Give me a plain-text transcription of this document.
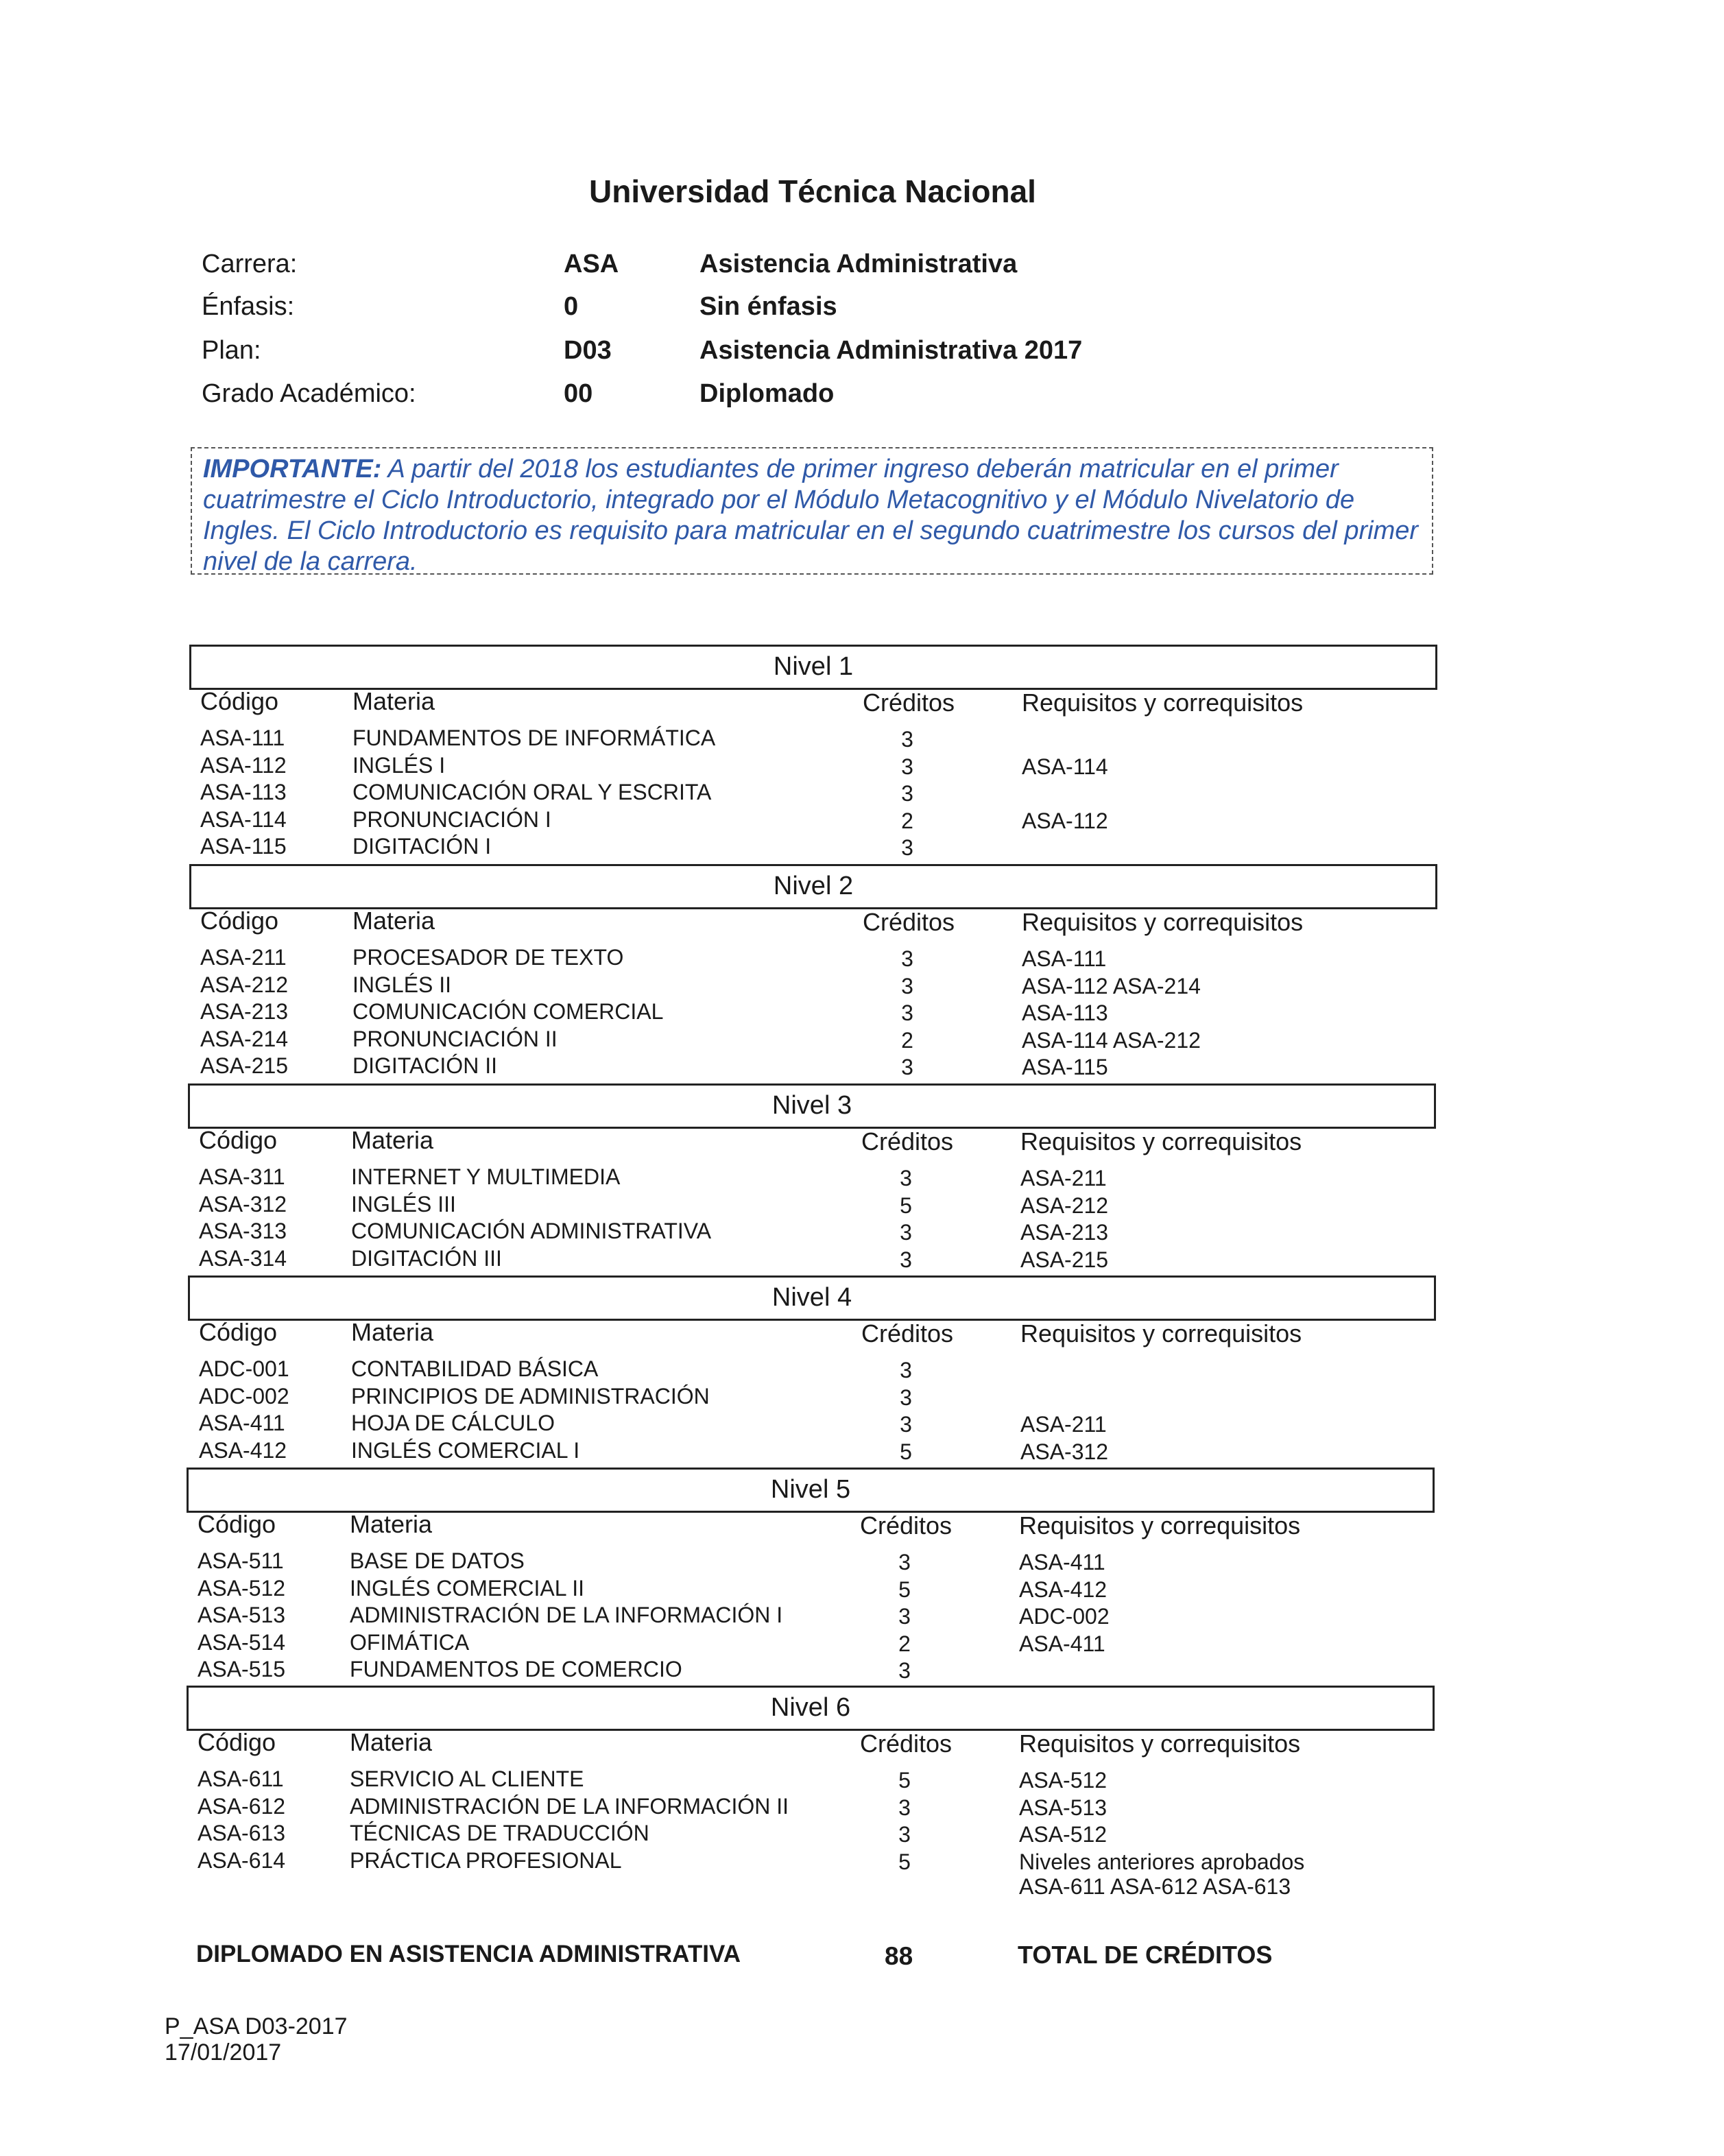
Universidad Técnica Nacional
Carrera:	ASA	Asistencia Administrativa
Énfasis:	0	Sin énfasis
Plan:	D03	Asistencia Administrativa 2017
Grado Académico:	00	Diplomado
IMPORTANTE: A partir del 2018 los estudiantes de primer ingreso deberán matricular en el primer cuatrimestre el Ciclo Introductorio, integrado por el Módulo Metacognitivo y el Módulo Nivelatorio de Ingles. El Ciclo Introductorio es requisito para matricular en el segundo cuatrimestre los cursos del primer nivel de la carrera.
Nivel 1
Código	Materia	Créditos	Requisitos y correquisitos
ASA-111	FUNDAMENTOS DE INFORMÁTICA	3
ASA-112	INGLÉS I	3	ASA-114
ASA-113	COMUNICACIÓN ORAL Y ESCRITA	3
ASA-114	PRONUNCIACIÓN I	2	ASA-112
ASA-115	DIGITACIÓN I	3
Nivel 2
Código	Materia	Créditos	Requisitos y correquisitos
ASA-211	PROCESADOR DE TEXTO	3	ASA-111
ASA-212	INGLÉS II	3	ASA-112 ASA-214
ASA-213	COMUNICACIÓN COMERCIAL	3	ASA-113
ASA-214	PRONUNCIACIÓN II	2	ASA-114 ASA-212
ASA-215	DIGITACIÓN II	3	ASA-115
Nivel 3
Código	Materia	Créditos	Requisitos y correquisitos
ASA-311	INTERNET Y MULTIMEDIA	3	ASA-211
ASA-312	INGLÉS III	5	ASA-212
ASA-313	COMUNICACIÓN ADMINISTRATIVA	3	ASA-213
ASA-314	DIGITACIÓN III	3	ASA-215
Nivel 4
Código	Materia	Créditos	Requisitos y correquisitos
ADC-001	CONTABILIDAD BÁSICA	3
ADC-002	PRINCIPIOS DE ADMINISTRACIÓN	3
ASA-411	HOJA DE CÁLCULO	3	ASA-211
ASA-412	INGLÉS COMERCIAL I	5	ASA-312
Nivel 5
Código	Materia	Créditos	Requisitos y correquisitos
ASA-511	BASE DE DATOS	3	ASA-411
ASA-512	INGLÉS COMERCIAL II	5	ASA-412
ASA-513	ADMINISTRACIÓN DE LA INFORMACIÓN I	3	ADC-002
ASA-514	OFIMÁTICA	2	ASA-411
ASA-515	FUNDAMENTOS DE COMERCIO	3
Nivel 6
Código	Materia	Créditos	Requisitos y correquisitos
ASA-611	SERVICIO AL CLIENTE	5	ASA-512
ASA-612	ADMINISTRACIÓN DE LA INFORMACIÓN II	3	ASA-513
ASA-613	TÉCNICAS DE TRADUCCIÓN	3	ASA-512
ASA-614	PRÁCTICA PROFESIONAL	5	Niveles anteriores aprobados
ASA-611 ASA-612 ASA-613
DIPLOMADO EN ASISTENCIA ADMINISTRATIVA	88	TOTAL DE CRÉDITOS
P_ASA D03-2017
17/01/2017
